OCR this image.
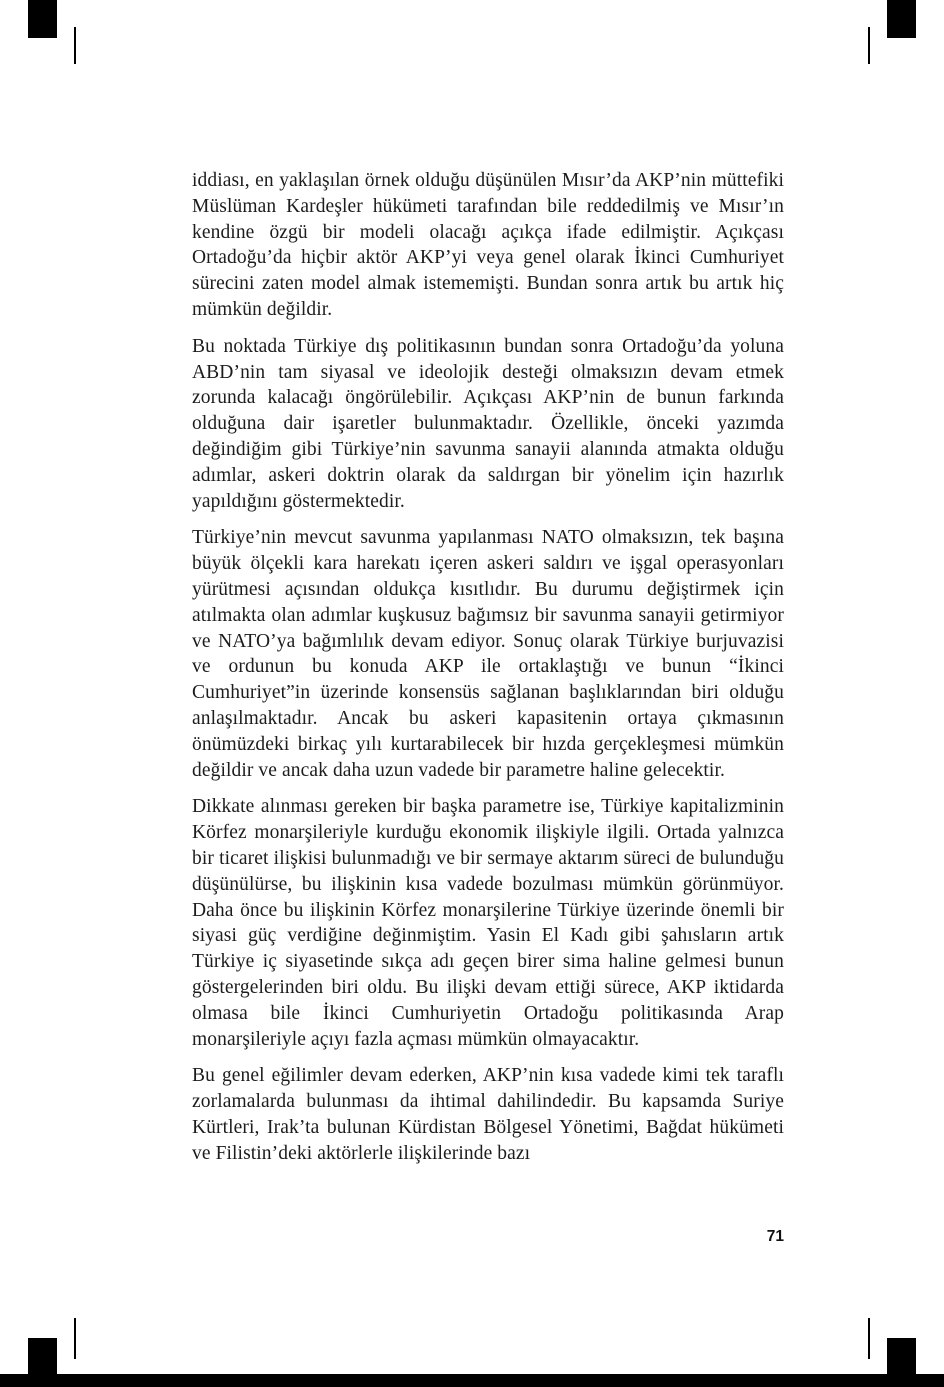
iddiası, en yaklaşılan örnek olduğu düşünülen Mısır’da AKP’nin müttefiki Müslüman Kardeşler hükümeti tarafından bile reddedilmiş ve Mısır’ın kendine özgü bir modeli olacağı açıkça ifade edilmiştir. Açıkçası Ortadoğu’da hiçbir aktör AKP’yi veya genel olarak İkinci Cumhuriyet sürecini zaten model almak istememişti. Bundan sonra artık bu artık hiç mümkün değildir.

Bu noktada Türkiye dış politikasının bundan sonra Ortadoğu’da yoluna ABD’nin tam siyasal ve ideolojik desteği olmaksızın devam etmek zorunda kalacağı öngörülebilir. Açıkçası AKP’nin de bunun farkında olduğuna dair işaretler bulunmaktadır. Özellikle, önceki yazımda değindiğim gibi Türkiye’nin savunma sanayii alanında atmakta olduğu adımlar, askeri doktrin olarak da saldırgan bir yönelim için hazırlık yapıldığını göstermektedir.

Türkiye’nin mevcut savunma yapılanması NATO olmaksızın, tek başına büyük ölçekli kara harekatı içeren askeri saldırı ve işgal operasyonları yürütmesi açısından oldukça kısıtlıdır. Bu durumu değiştirmek için atılmakta olan adımlar kuşkusuz bağımsız bir savunma sanayii getirmiyor ve NATO’ya bağımlılık devam ediyor. Sonuç olarak Türkiye burjuvazisi ve ordunun bu konuda AKP ile ortaklaştığı ve bunun “İkinci Cumhuriyet”in üzerinde konsensüs sağlanan başlıklarından biri olduğu anlaşılmaktadır. Ancak bu askeri kapasitenin ortaya çıkmasının önümüzdeki birkaç yılı kurtarabilecek bir hızda gerçekleşmesi mümkün değildir ve ancak daha uzun vadede bir parametre haline gelecektir.

Dikkate alınması gereken bir başka parametre ise, Türkiye kapitalizminin Körfez monarşileriyle kurduğu ekonomik ilişkiyle ilgili. Ortada yalnızca bir ticaret ilişkisi bulunmadığı ve bir sermaye aktarım süreci de bulunduğu düşünülürse, bu ilişkinin kısa vadede bozulması mümkün görünmüyor. Daha önce bu ilişkinin Körfez monarşilerine Türkiye üzerinde önemli bir siyasi güç verdiğine değinmiştim. Yasin El Kadı gibi şahısların artık Türkiye iç siyasetinde sıkça adı geçen birer sima haline gelmesi bunun göstergelerinden biri oldu. Bu ilişki devam ettiği sürece, AKP iktidarda olmasa bile İkinci Cumhuriyetin Ortadoğu politikasında Arap monarşileriyle açıyı fazla açması mümkün olmayacaktır.

Bu genel eğilimler devam ederken, AKP’nin kısa vadede kimi tek taraflı zorlamalarda bulunması da ihtimal dahilindedir. Bu kapsamda Suriye Kürtleri, Irak’ta bulunan Kürdistan Bölgesel Yönetimi, Bağdat hükümeti ve Filistin’deki aktörlerle ilişkilerinde bazı

71
